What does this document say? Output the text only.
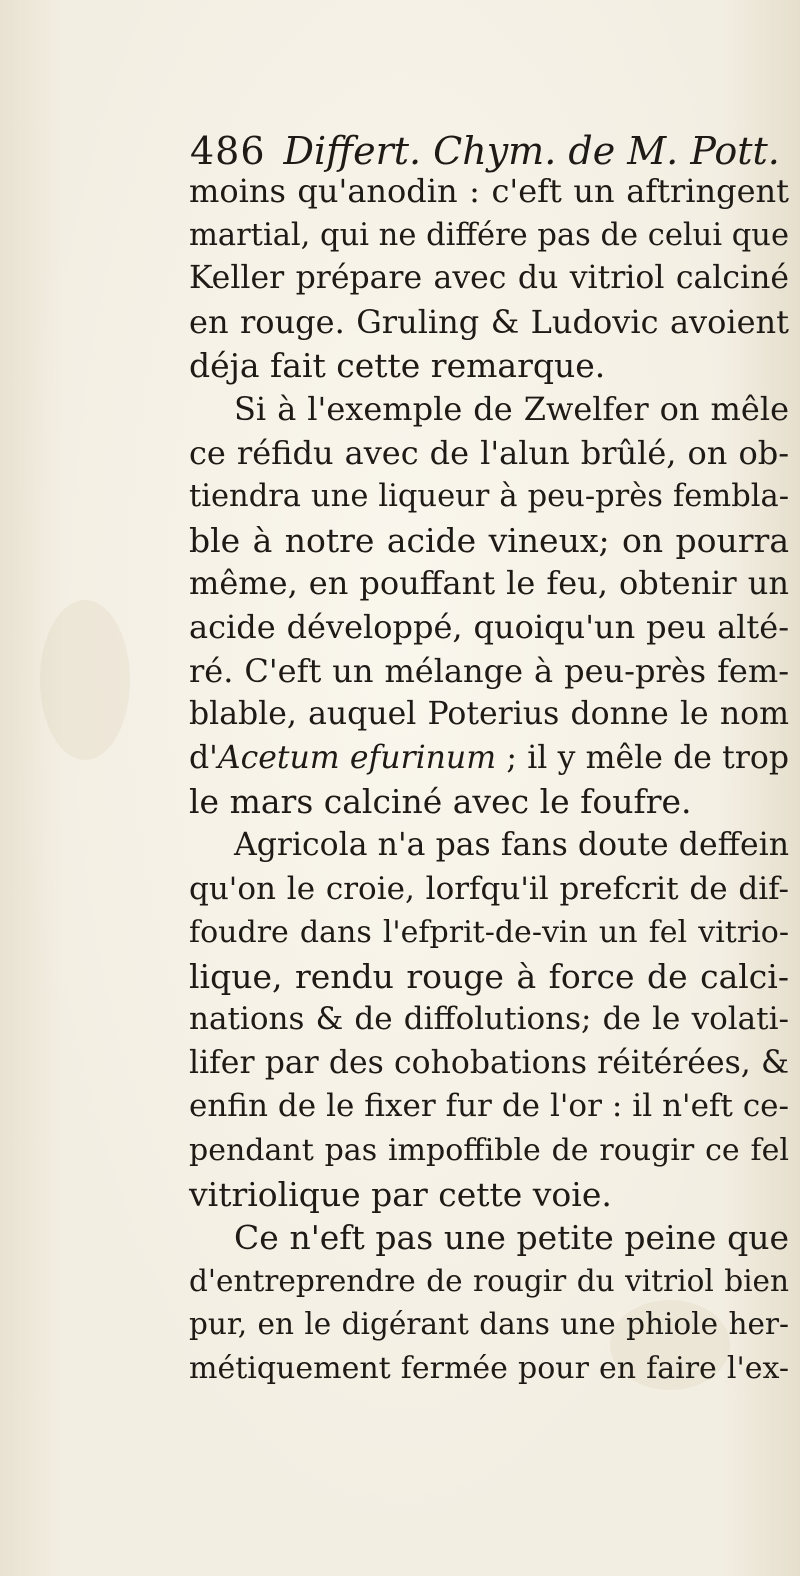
486 Differt. Chym. de M. Pott.
moins qu'anodin : c'eft un aftringent
martial, qui ne différe pas de celui que
Keller prépare avec du vitriol calciné
en rouge. Gruling & Ludovic avoient
déja fait cette remarque.
Si à l'exemple de Zwelfer on mêle
ce réfidu avec de l'alun brûlé, on ob-
tiendra une liqueur à peu-près fembla-
ble à notre acide vineux; on pourra
même, en pouffant le feu, obtenir un
acide développé, quoiqu'un peu alté-
ré. C'eft un mélange à peu-près fem-
blable, auquel Poterius donne le nom
d'Acetum efurinum ; il y mêle de trop
le mars calciné avec le foufre.
Agricola n'a pas fans doute deffein
qu'on le croie, lorfqu'il prefcrit de dif-
foudre dans l'efprit-de-vin un fel vitrio-
lique, rendu rouge à force de calci-
nations & de diffolutions; de le volati-
lifer par des cohobations réitérées, &
enfin de le fixer fur de l'or : il n'eft ce-
pendant pas impoffible de rougir ce fel
vitriolique par cette voie.
Ce n'eft pas une petite peine que
d'entreprendre de rougir du vitriol bien
pur, en le digérant dans une phiole her-
métiquement fermée pour en faire l'ex-
